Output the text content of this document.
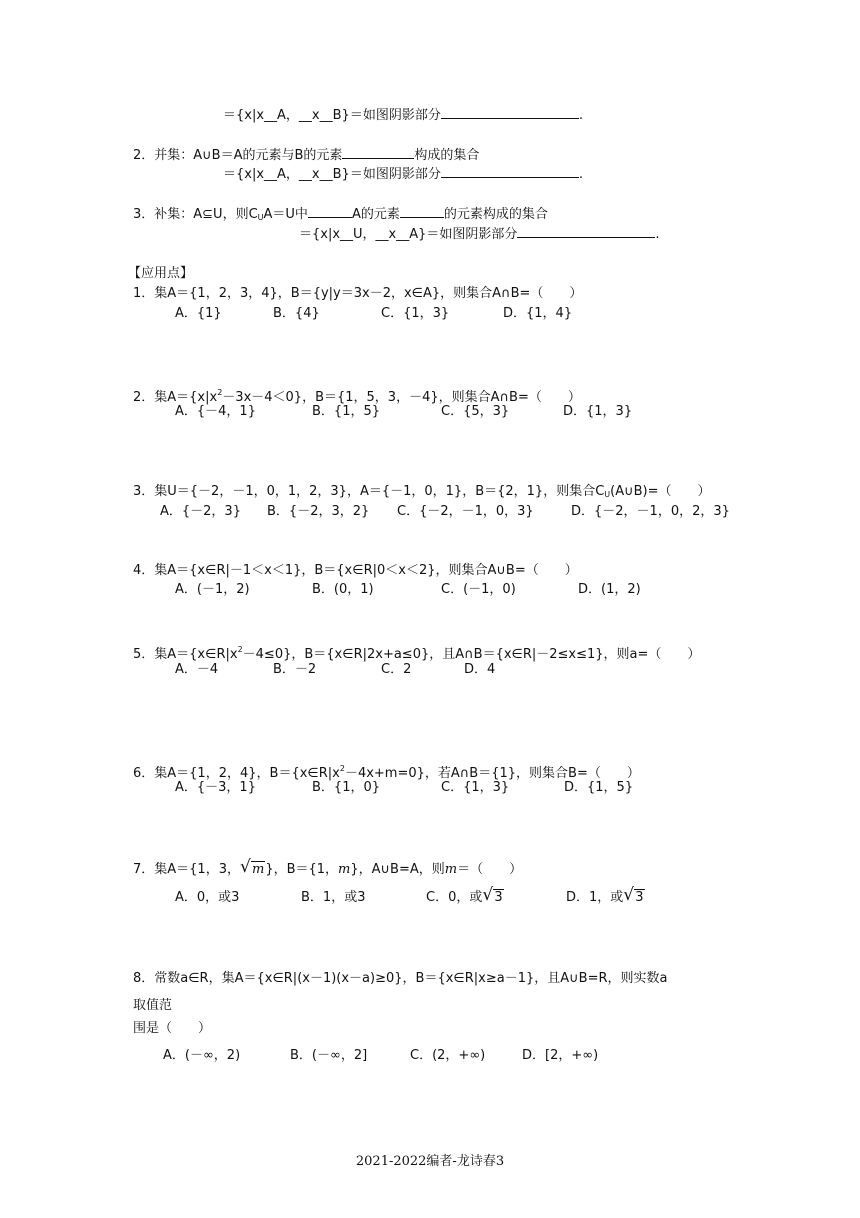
＝{x|x__A，__x__B}＝如图阴影部分	.
2．并集：A∪B＝A的元素与B的元素	构成的集合
＝{x|x__A，__x__B}＝如图阴影部分	.
3．补集：A⊆U，则$C_UA=U$中	A的元素	的元素构成的集合
＝{x|x__U，__x__A}＝如图阴影部分	.
【应用点】
1．集A＝{1，2，3，4}，B＝{y|y＝3x－2，x∈A}，则集合A∩B=（　　）
A．{1}	B．{4}	C．{1，3}	D．{1，4}
2．集$A=\{x|x^2-3x-4<0\}$，B＝{1，5，3，－4}，则集合A∩B=（　　）
A．{－4，1}	B．{1，5}	C．{5，3}	D．{1，3}
3．集U＝{－2，－1，0，1，2，3}，A＝{－1，0，1}，B＝{2，1}，则集合$C_U(A\cup B)=$（　　）
A．{－2，3} B．{－2，3，2} C．{－2，－1，0，3}	D．{－2，－1，0，2，3}
4．集A＝{x∈R|－1＜x＜1}，B＝{x∈R|0＜x＜2}，则集合A∪B=（　　）
A．(－1，2)	B．(0，1)	C．(－1，0)	D．(1，2)
5．集$A=\{x\in R|x^2-4\le 0\}$，B＝{x∈R|2x+a≤0}，且A∩B＝{x∈R|－2≤x≤1}，则a=（　　）
A．－4	B．－2	C．2	D．4
6．集A＝{1，2，4}，$B=\{x\in R|x^2-4x+m=0\}$，若A∩B＝{1}，则集合B=（　　）
A．{－3，1}	B．{1，0}	C．{1，3}	D．{1，5}
7．集A＝{1，3， √ m}，B＝{1，m}，A∪B=A，则m＝（　　）
A．0，或3	B．1，或3	C．0，或 √ 3	D．1，或 √ 3
8．常数a∈R，集A＝{x∈R|(x－1)(x－a)≥0}，B＝{x∈R|x≥a－1}，且A∪B=R，则实数a
取值范
围是（　　）
A．(－∞，2)	B．(－∞，2]	C．(2，+∞)	D．[2，+∞)
2021-2022编者-龙诗春3
